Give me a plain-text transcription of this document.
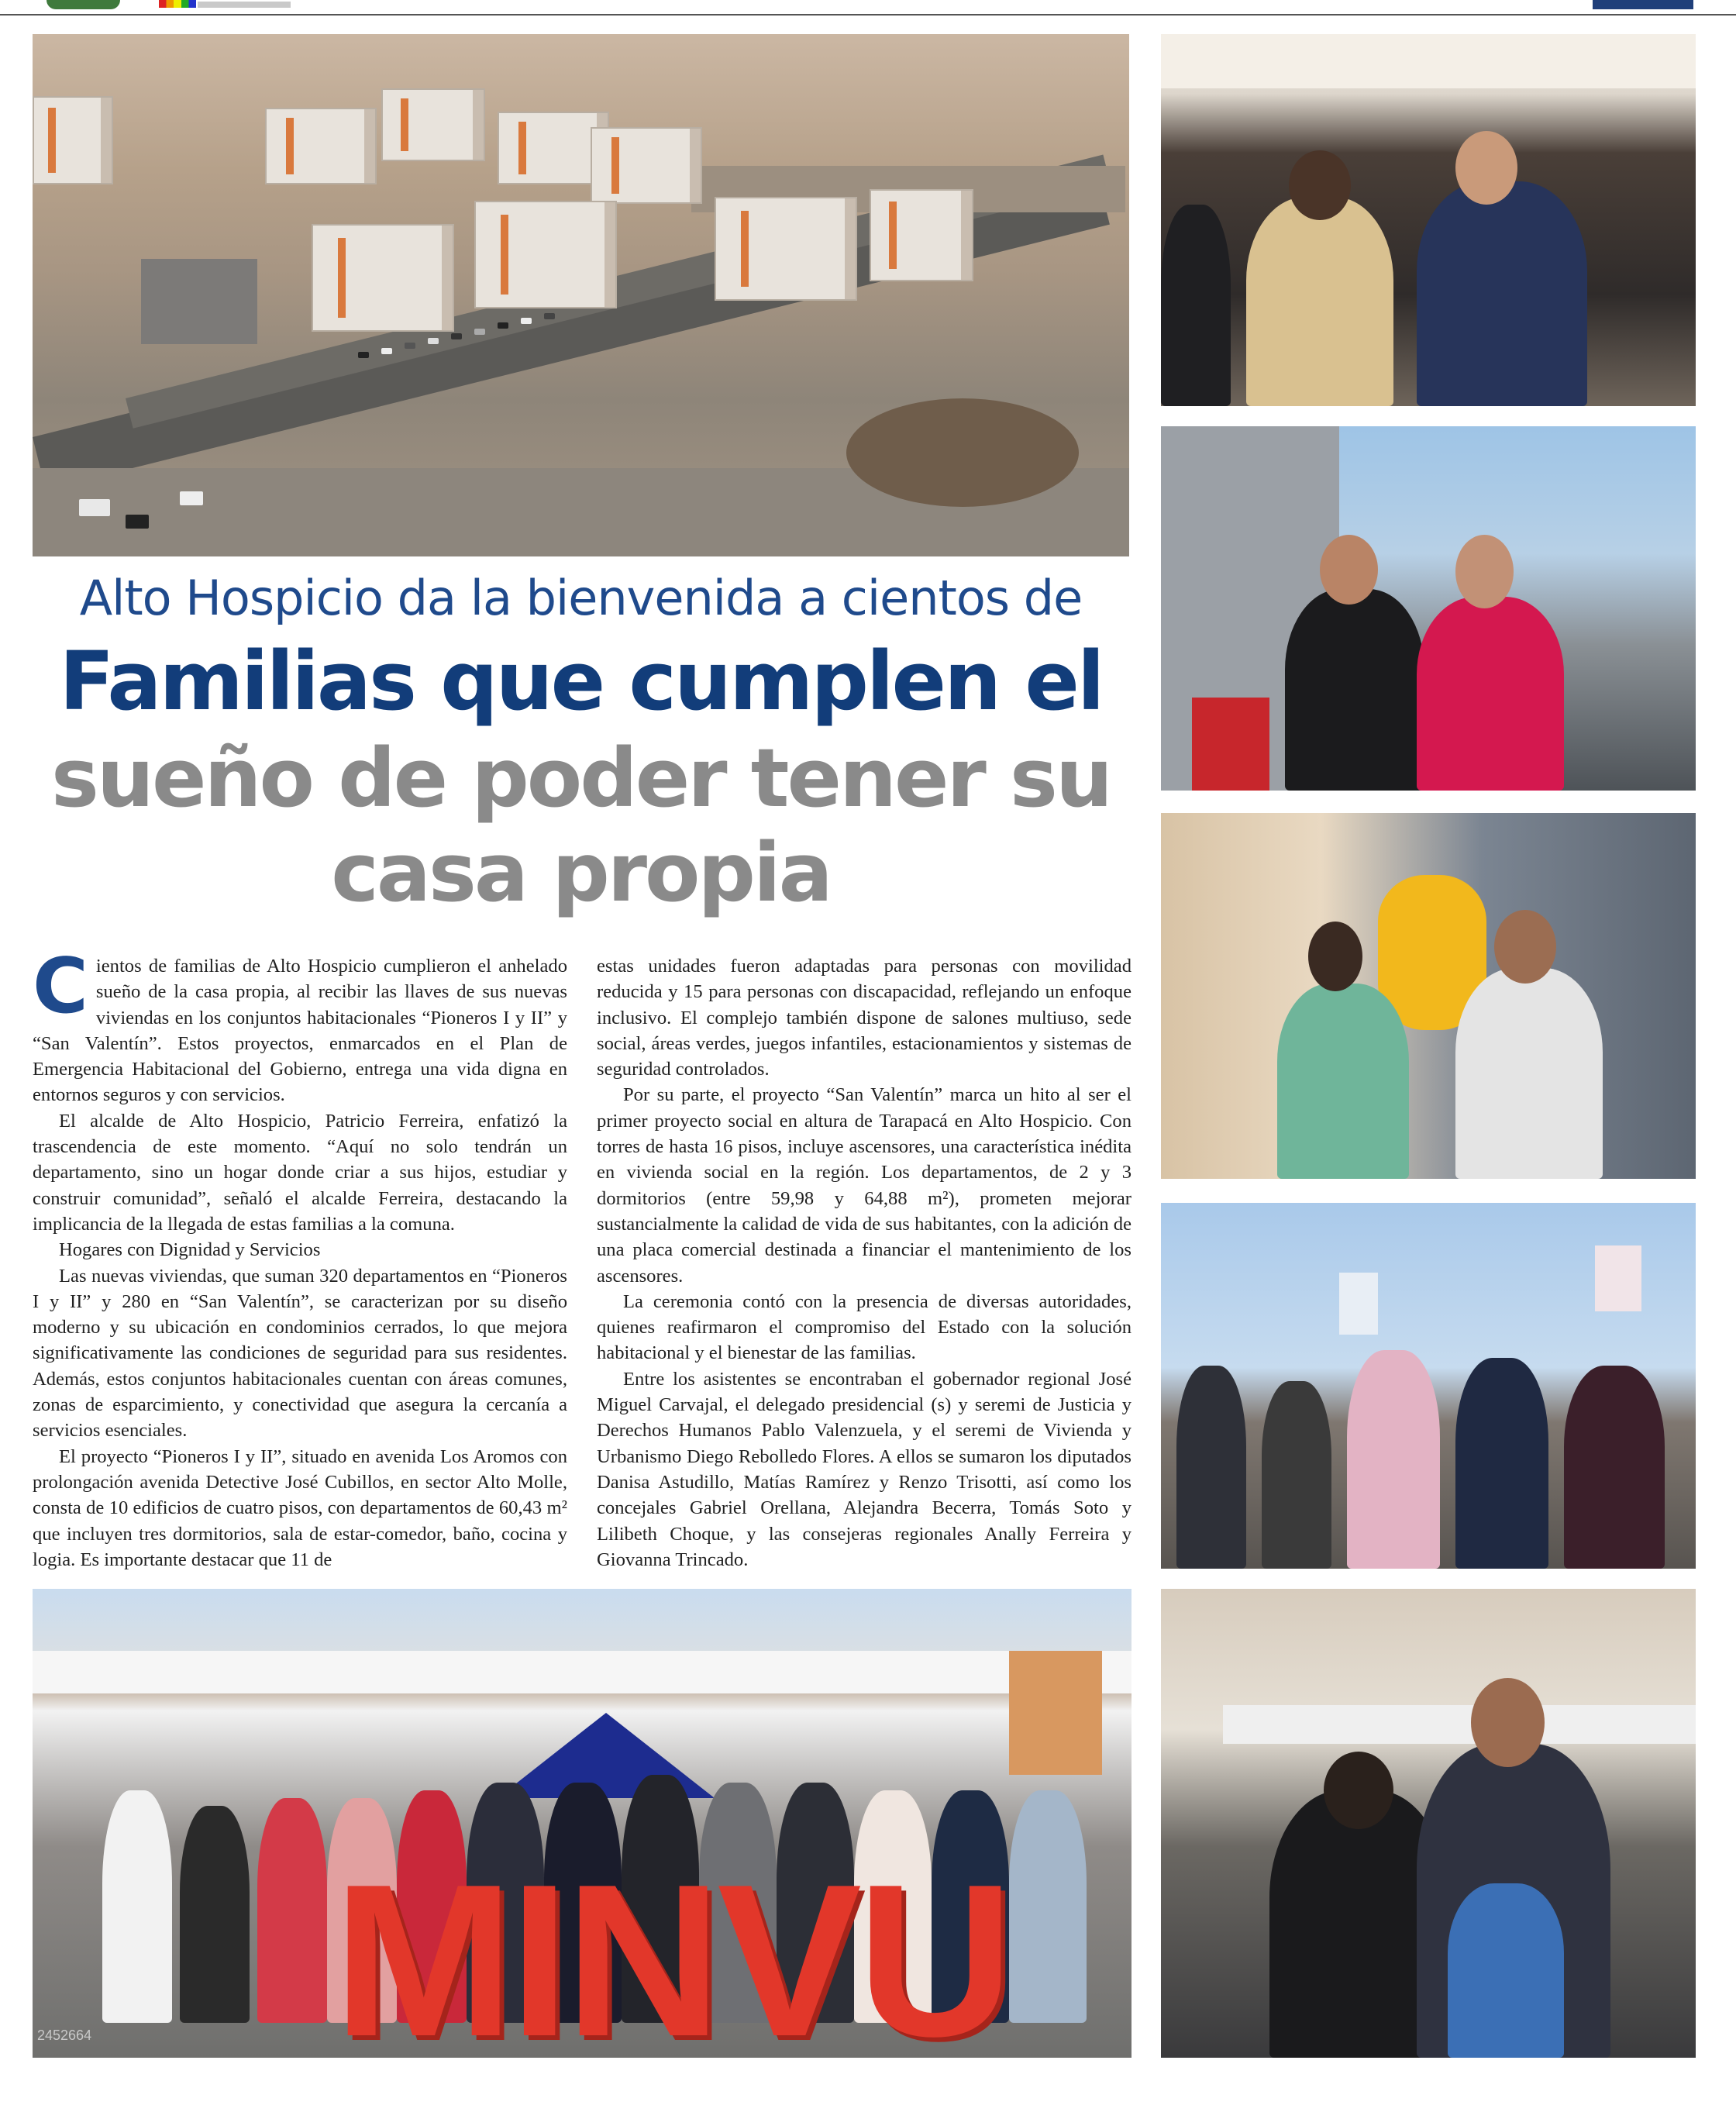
M I N V U
2452664
Alto Hospicio da la bienvenida a cientos de
Familias que cumplen el
sueño de poder tener su
casa propia

Cientos de familias de Alto Hospicio cumplieron el anhelado sueño de la casa propia, al recibir las llaves de sus nuevas viviendas en los conjuntos habitacionales “Pioneros I y II” y “San Valentín”. Estos proyectos, enmarcados en el Plan de Emergencia Habitacional del Gobierno, entrega una vida digna en entornos seguros y con servicios.

El alcalde de Alto Hospicio, Patricio Ferreira, enfatizó la trascendencia de este momento. “Aquí no solo tendrán un departamento, sino un hogar donde criar a sus hijos, estudiar y construir comunidad”, señaló el alcalde Ferreira, destacando la implicancia de la llegada de estas familias a la comuna.

Hogares con Dignidad y Servicios

Las nuevas viviendas, que suman 320 departamentos en “Pioneros I y II” y 280 en “San Valentín”, se caracterizan por su diseño moderno y su ubicación en condominios cerrados, lo que mejora significativamente las condiciones de seguridad para sus residentes. Además, estos conjuntos habitacionales cuentan con áreas comunes, zonas de esparcimiento, y conectividad que asegura la cercanía a servicios esenciales.

El proyecto “Pioneros I y II”, situado en avenida Los Aromos con prolongación avenida Detective José Cubillos, en sector Alto Molle, consta de 10 edificios de cuatro pisos, con departamentos de 60,43 m² que incluyen tres dormitorios, sala de estar-comedor, baño, cocina y logia. Es importante destacar que 11 de

estas unidades fueron adaptadas para personas con movilidad reducida y 15 para personas con discapacidad, reflejando un enfoque inclusivo. El complejo también dispone de salones multiuso, sede social, áreas verdes, juegos infantiles, estacionamientos y sistemas de seguridad controlados.

Por su parte, el proyecto “San Valentín” marca un hito al ser el primer proyecto social en altura de Tarapacá en Alto Hospicio. Con torres de hasta 16 pisos, incluye ascensores, una característica inédita en vivienda social en la región. Los departamentos, de 2 y 3 dormitorios (entre 59,98 y 64,88 m²), prometen mejorar sustancialmente la calidad de vida de sus habitantes, con la adición de una placa comercial destinada a financiar el mantenimiento de los ascensores.

La ceremonia contó con la presencia de diversas autoridades, quienes reafirmaron el compromiso del Estado con la solución habitacional y el bienestar de las familias.

Entre los asistentes se encontraban el gobernador regional José Miguel Carvajal, el delegado presidencial (s) y seremi de Justicia y Derechos Humanos Pablo Valenzuela, y el seremi de Vivienda y Urbanismo Diego Rebolledo Flores. A ellos se sumaron los diputados Danisa Astudillo, Matías Ramírez y Renzo Trisotti, así como los concejales Gabriel Orellana, Alejandra Becerra, Tomás Soto y Lilibeth Choque, y las consejeras regionales Anally Ferreira y Giovanna Trincado.
